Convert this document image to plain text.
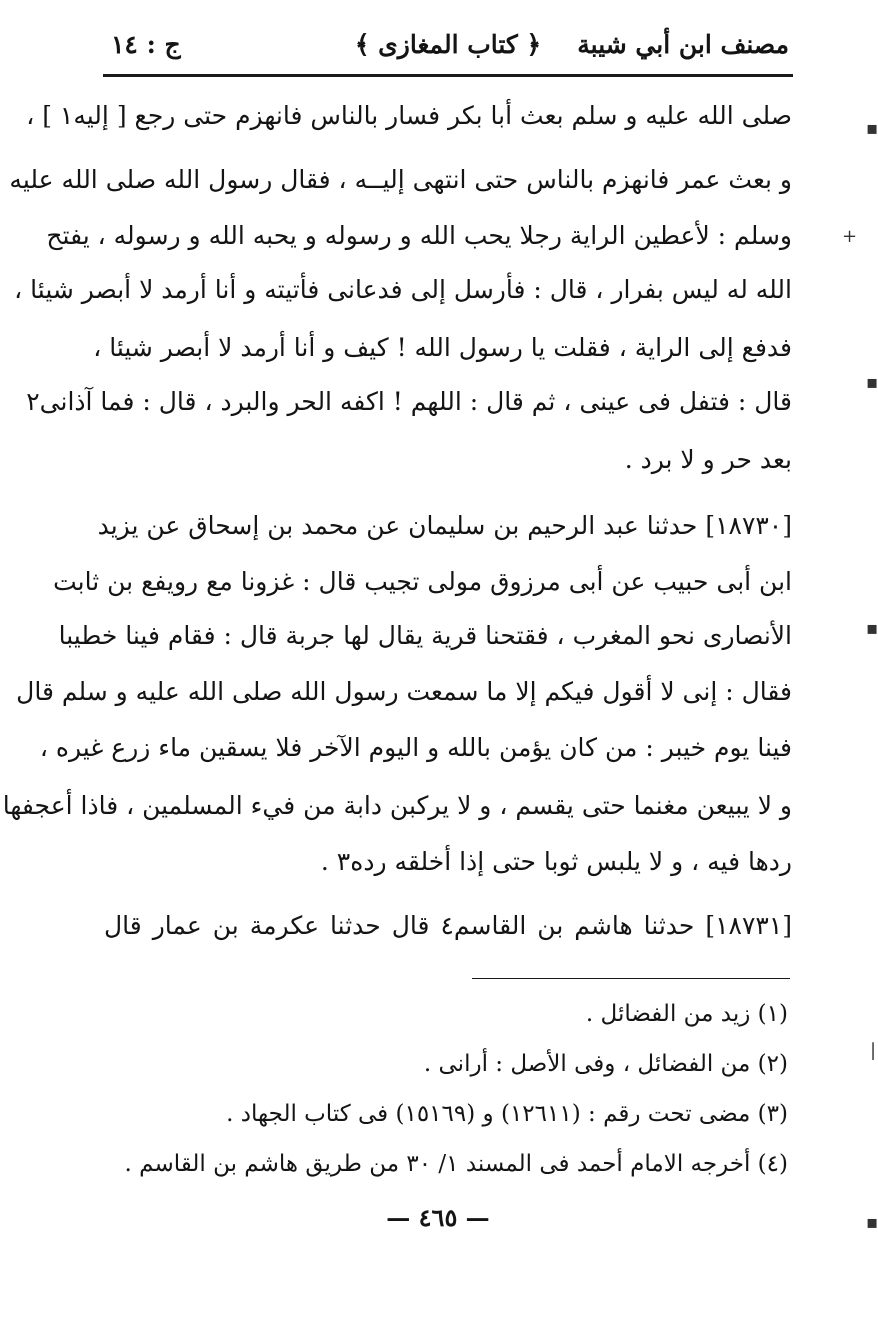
مصنف ابن أبي شيبة
﴿ كتاب المغازى ﴾
ج : ١٤
صلى الله عليه و سلم بعث أبا بكر فسار بالناس فانهزم حتى رجع [ إليه١ ] ،
و بعث عمر فانهزم بالناس حتى انتهى إليــه ، فقال رسول الله صلى الله عليه
وسلم : لأعطين الراية رجلا يحب الله و رسوله و يحبه الله و رسوله ، يفتح
الله له ليس بفرار ، قال : فأرسل إلى فدعانى فأتيته و أنا أرمد لا أبصر شيئا ،
فدفع إلى الراية ، فقلت يا رسول الله ! كيف و أنا أرمد لا أبصر شيئا ،
قال : فتفل فى عينى ، ثم قال : اللهم ! اكفه الحر والبرد ، قال : فما آذانى٢
بعد حر و لا برد .
[١٨٧٣٠] حدثنا عبد الرحيم بن سليمان عن محمد بن إسحاق عن يزيد
ابن أبى حبيب عن أبى مرزوق مولى تجيب قال : غزونا مع رويفع بن ثابت
الأنصارى نحو المغرب ، فقتحنا قرية يقال لها جربة قال : فقام فينا خطيبا
فقال : إنى لا أقول فيكم إلا ما سمعت رسول الله صلى الله عليه و سلم قال
فينا يوم خيبر : من كان يؤمن بالله و اليوم الآخر فلا يسقين ماء زرع غيره ،
و لا يبيعن مغنما حتى يقسم ، و لا يركبن دابة من فيء المسلمين ، فاذا أعجفها
ردها فيه ، و لا يلبس ثوبا حتى إذا أخلقه رده٣ .
[١٨٧٣١] حدثنا هاشم بن القاسم٤ قال حدثنا عكرمة بن عمار قال
(١) زيد من الفضائل .
(٢) من الفضائل ، وفى الأصل : أرانى .
(٣) مضى تحت رقم : (١٢٦١١) و (١٥١٦٩) فى كتاب الجهاد .
(٤) أخرجه الامام أحمد فى المسند ١/ ٣٠ من طريق هاشم بن القاسم .
— ٤٦٥ —
▪
+
▪
▪
|
▪
